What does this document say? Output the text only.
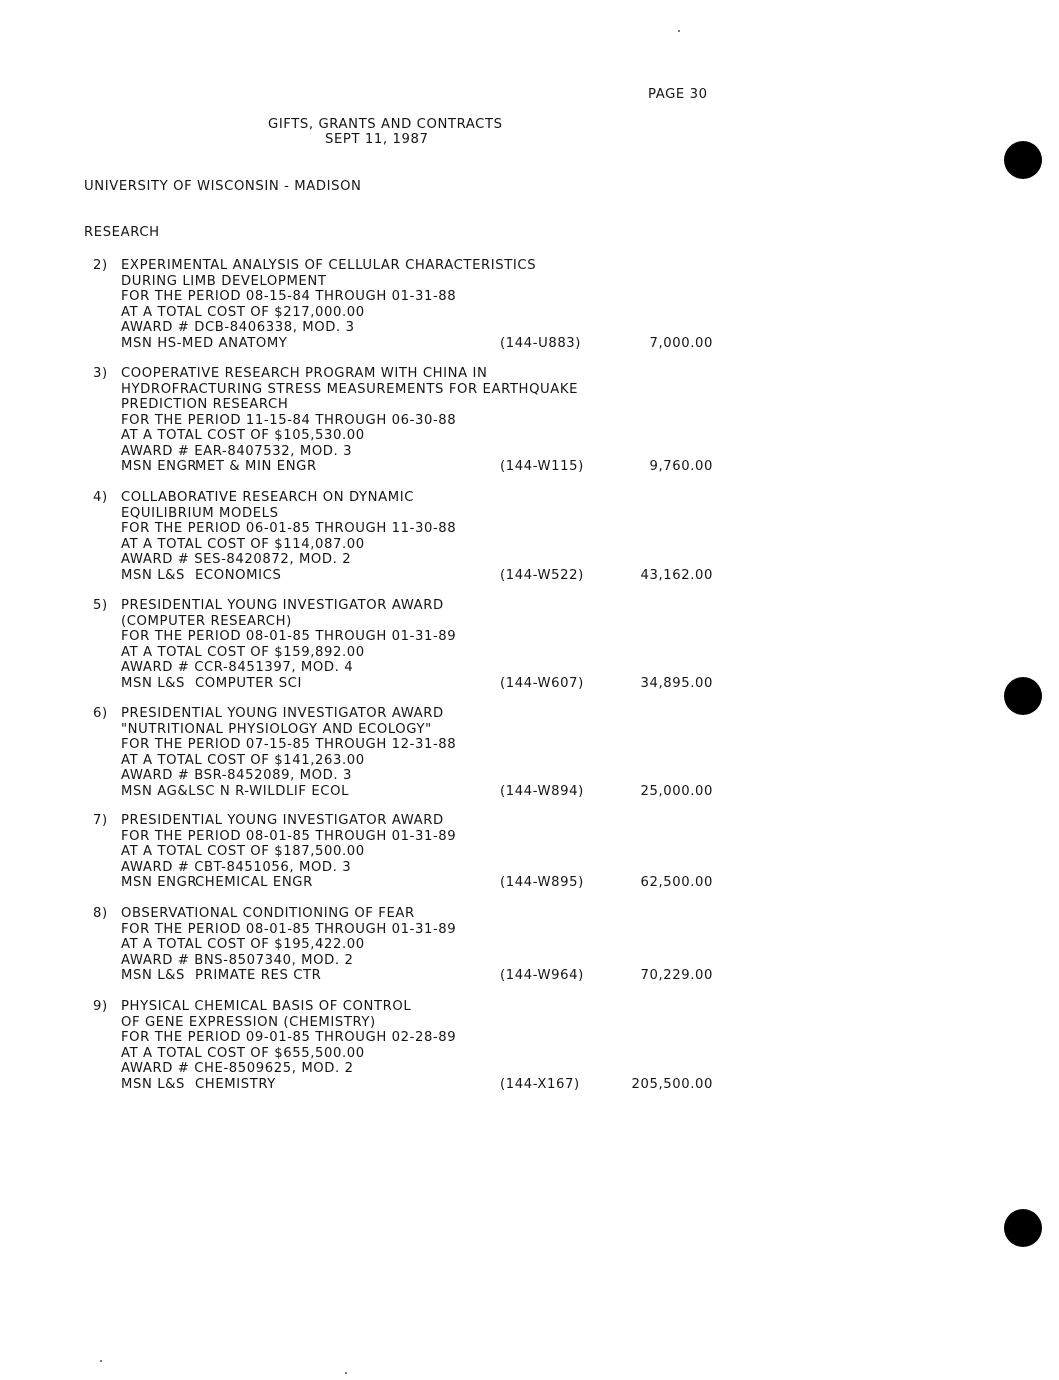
PAGE 30
GIFTS, GRANTS AND CONTRACTS
SEPT 11, 1987
UNIVERSITY OF WISCONSIN - MADISON
RESEARCH
2) EXPERIMENTAL ANALYSIS OF CELLULAR CHARACTERISTICS
DURING LIMB DEVELOPMENT
FOR THE PERIOD 08-15-84 THROUGH 01-31-88
AT A TOTAL COST OF $217,000.00
AWARD # DCB-8406338, MOD. 3
MSN HS-MED ANATOMY	(144-U883)	7,000.00
3) COOPERATIVE RESEARCH PROGRAM WITH CHINA IN
HYDROFRACTURING STRESS MEASUREMENTS FOR EARTHQUAKE
PREDICTION RESEARCH
FOR THE PERIOD 11-15-84 THROUGH 06-30-88
AT A TOTAL COST OF $105,530.00
AWARD # EAR-8407532, MOD. 3
MSN ENGR
MET & MIN ENGR	(144-W115)	9,760.00
4) COLLABORATIVE RESEARCH ON DYNAMIC
EQUILIBRIUM MODELS
FOR THE PERIOD 06-01-85 THROUGH 11-30-88
AT A TOTAL COST OF $114,087.00
AWARD # SES-8420872, MOD. 2
MSN L&S ECONOMICS	(144-W522)	43,162.00
5) PRESIDENTIAL YOUNG INVESTIGATOR AWARD
(COMPUTER RESEARCH)
FOR THE PERIOD 08-01-85 THROUGH 01-31-89
AT A TOTAL COST OF $159,892.00
AWARD # CCR-8451397, MOD. 4
MSN L&S COMPUTER SCI	(144-W607)	34,895.00
6) PRESIDENTIAL YOUNG INVESTIGATOR AWARD
"NUTRITIONAL PHYSIOLOGY AND ECOLOGY"
FOR THE PERIOD 07-15-85 THROUGH 12-31-88
AT A TOTAL COST OF $141,263.00
AWARD # BSR-8452089, MOD. 3
MSN AG&LSC N R-WILDLIF ECOL	(144-W894)	25,000.00
7) PRESIDENTIAL YOUNG INVESTIGATOR AWARD
FOR THE PERIOD 08-01-85 THROUGH 01-31-89
AT A TOTAL COST OF $187,500.00
AWARD # CBT-8451056, MOD. 3
MSN ENGR
CHEMICAL ENGR	(144-W895)	62,500.00
8) OBSERVATIONAL CONDITIONING OF FEAR
FOR THE PERIOD 08-01-85 THROUGH 01-31-89
AT A TOTAL COST OF $195,422.00
AWARD # BNS-8507340, MOD. 2
MSN L&S PRIMATE RES CTR	(144-W964)	70,229.00
9) PHYSICAL CHEMICAL BASIS OF CONTROL
OF GENE EXPRESSION (CHEMISTRY)
FOR THE PERIOD 09-01-85 THROUGH 02-28-89
AT A TOTAL COST OF $655,500.00
AWARD # CHE-8509625, MOD. 2
MSN L&S CHEMISTRY	(144-X167)	205,500.00
